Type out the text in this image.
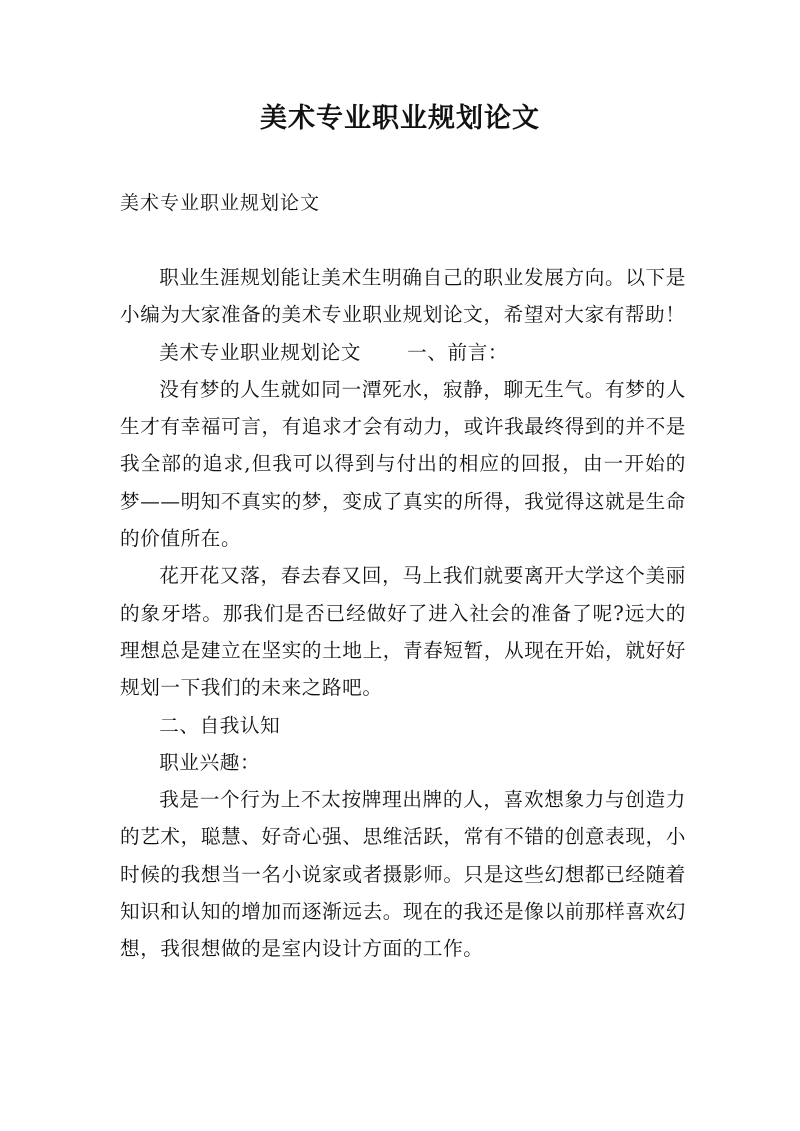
美术专业职业规划论文

美术专业职业规划论文

职业生涯规划能让美术生明确自己的职业发展方向。以下是小编为大家准备的美术专业职业规划论文，希望对大家有帮助！

美术专业职业规划论文 一、前言：

没有梦的人生就如同一潭死水，寂静，聊无生气。有梦的人生才有幸福可言，有追求才会有动力，或许我最终得到的并不是我全部的追求,但我可以得到与付出的相应的回报，由一开始的梦——明知不真实的梦，变成了真实的所得，我觉得这就是生命的价值所在。

花开花又落，春去春又回，马上我们就要离开大学这个美丽的象牙塔。那我们是否已经做好了进入社会的准备了呢?远大的理想总是建立在坚实的土地上，青春短暂，从现在开始，就好好规划一下我们的未来之路吧。

二、自我认知

职业兴趣：

我是一个行为上不太按牌理出牌的人，喜欢想象力与创造力的艺术，聪慧、好奇心强、思维活跃，常有不错的创意表现，小时候的我想当一名小说家或者摄影师。只是这些幻想都已经随着知识和认知的增加而逐渐远去。现在的我还是像以前那样喜欢幻想，我很想做的是室内设计方面的工作。
